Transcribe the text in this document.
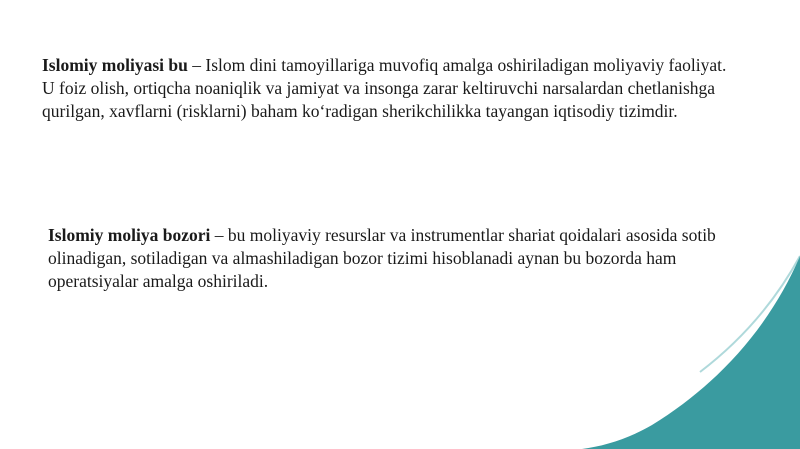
Islomiy moliyasi bu – Islom dini tamoyillariga muvofiq amalga oshiriladigan moliyaviy faoliyat. U foiz olish, ortiqcha noaniqlik va jamiyat va insonga zarar keltiruvchi narsalardan chetlanishga qurilgan, xavflarni (risklarni) baham ko‘radigan sherikchilikka tayangan iqtisodiy tizimdir.
Islomiy moliya bozori – bu moliyaviy resurslar va instrumentlar shariat qoidalari asosida sotib olinadigan, sotiladigan va almashiladigan bozor tizimi hisoblanadi aynan bu bozorda ham operatsiyalar amalga oshiriladi.
